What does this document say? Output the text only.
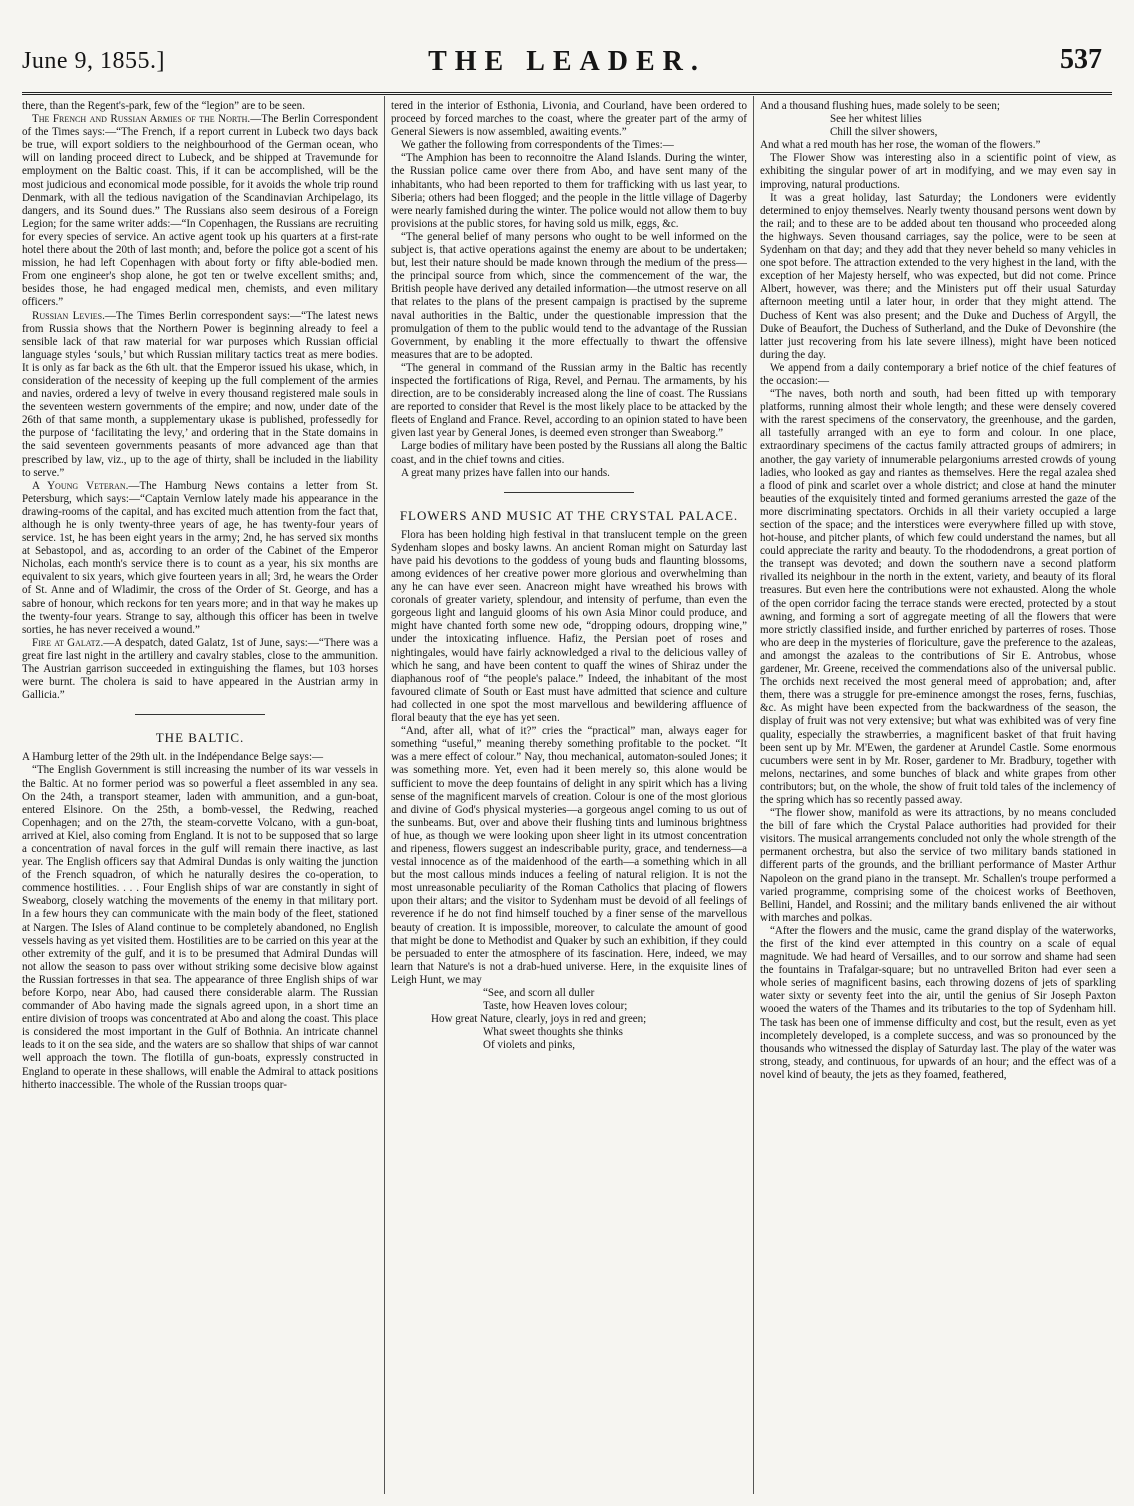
June 9, 1855.]	THE LEADER.	537

there, than the Regent's-park, few of the “legion” are to be seen.

The French and Russian Armies of the North.—The Berlin Correspondent of the Times says:—“The French, if a report current in Lubeck two days back be true, will export soldiers to the neighbourhood of the German ocean, who will on landing proceed direct to Lubeck, and be shipped at Travemunde for employment on the Baltic coast. This, if it can be accomplished, will be the most judicious and economical mode possible, for it avoids the whole trip round Denmark, with all the tedious navigation of the Scandinavian Archipelago, its dangers, and its Sound dues.” The Russians also seem desirous of a Foreign Legion; for the same writer adds:—“In Copenhagen, the Russians are recruiting for every species of service. An active agent took up his quarters at a first-rate hotel there about the 20th of last month; and, before the police got a scent of his mission, he had left Copenhagen with about forty or fifty able-bodied men. From one engineer's shop alone, he got ten or twelve excellent smiths; and, besides those, he had engaged medical men, chemists, and even military officers.”

Russian Levies.—The Times Berlin correspondent says:—“The latest news from Russia shows that the Northern Power is beginning already to feel a sensible lack of that raw material for war purposes which Russian official language styles ‘souls,’ but which Russian military tactics treat as mere bodies. It is only as far back as the 6th ult. that the Emperor issued his ukase, which, in consideration of the necessity of keeping up the full complement of the armies and navies, ordered a levy of twelve in every thousand registered male souls in the seventeen western governments of the empire; and now, under date of the 26th of that same month, a supplementary ukase is published, professedly for the purpose of ‘facilitating the levy,’ and ordering that in the State domains in the said seventeen governments peasants of more advanced age than that prescribed by law, viz., up to the age of thirty, shall be included in the liability to serve.”

A Young Veteran.—The Hamburg News contains a letter from St. Petersburg, which says:—“Captain Vernlow lately made his appearance in the drawing-rooms of the capital, and has excited much attention from the fact that, although he is only twenty-three years of age, he has twenty-four years of service. 1st, he has been eight years in the army; 2nd, he has served six months at Sebastopol, and as, according to an order of the Cabinet of the Emperor Nicholas, each month's service there is to count as a year, his six months are equivalent to six years, which give fourteen years in all; 3rd, he wears the Order of St. Anne and of Wladimir, the cross of the Order of St. George, and has a sabre of honour, which reckons for ten years more; and in that way he makes up the twenty-four years. Strange to say, although this officer has been in twelve sorties, he has never received a wound.”

Fire at Galatz.—A despatch, dated Galatz, 1st of June, says:—“There was a great fire last night in the artillery and cavalry stables, close to the ammunition. The Austrian garrison succeeded in extinguishing the flames, but 103 horses were burnt. The cholera is said to have appeared in the Austrian army in Gallicia.”

THE BALTIC.

A Hamburg letter of the 29th ult. in the Indépendance Belge says:—

“The English Government is still increasing the number of its war vessels in the Baltic. At no former period was so powerful a fleet assembled in any sea. On the 24th, a transport steamer, laden with ammunition, and a gun-boat, entered Elsinore. On the 25th, a bomb-vessel, the Redwing, reached Copenhagen; and on the 27th, the steam-corvette Volcano, with a gun-boat, arrived at Kiel, also coming from England. It is not to be supposed that so large a concentration of naval forces in the gulf will remain there inactive, as last year. The English officers say that Admiral Dundas is only waiting the junction of the French squadron, of which he naturally desires the co-operation, to commence hostilities. . . . Four English ships of war are constantly in sight of Sweaborg, closely watching the movements of the enemy in that military port. In a few hours they can communicate with the main body of the fleet, stationed at Nargen. The Isles of Aland continue to be completely abandoned, no English vessels having as yet visited them. Hostilities are to be carried on this year at the other extremity of the gulf, and it is to be presumed that Admiral Dundas will not allow the season to pass over without striking some decisive blow against the Russian fortresses in that sea. The appearance of three English ships of war before Korpo, near Abo, had caused there considerable alarm. The Russian commander of Abo having made the signals agreed upon, in a short time an entire division of troops was concentrated at Abo and along the coast. This place is considered the most important in the Gulf of Bothnia. An intricate channel leads to it on the sea side, and the waters are so shallow that ships of war cannot well approach the town. The flotilla of gun-boats, expressly constructed in England to operate in these shallows, will enable the Admiral to attack positions hitherto inaccessible. The whole of the Russian troops quar-

tered in the interior of Esthonia, Livonia, and Courland, have been ordered to proceed by forced marches to the coast, where the greater part of the army of General Siewers is now assembled, awaiting events.”

We gather the following from correspondents of the Times:—

“The Amphion has been to reconnoitre the Aland Islands. During the winter, the Russian police came over there from Abo, and have sent many of the inhabitants, who had been reported to them for trafficking with us last year, to Siberia; others had been flogged; and the people in the little village of Dagerby were nearly famished during the winter. The police would not allow them to buy provisions at the public stores, for having sold us milk, eggs, &c.

“The general belief of many persons who ought to be well informed on the subject is, that active operations against the enemy are about to be undertaken; but, lest their nature should be made known through the medium of the press—the principal source from which, since the commencement of the war, the British people have derived any detailed information—the utmost reserve on all that relates to the plans of the present campaign is practised by the supreme naval authorities in the Baltic, under the questionable impression that the promulgation of them to the public would tend to the advantage of the Russian Government, by enabling it the more effectually to thwart the offensive measures that are to be adopted.

“The general in command of the Russian army in the Baltic has recently inspected the fortifications of Riga, Revel, and Pernau. The armaments, by his direction, are to be considerably increased along the line of coast. The Russians are reported to consider that Revel is the most likely place to be attacked by the fleets of England and France. Revel, according to an opinion stated to have been given last year by General Jones, is deemed even stronger than Sweaborg.”

Large bodies of military have been posted by the Russians all along the Baltic coast, and in the chief towns and cities.

A great many prizes have fallen into our hands.

FLOWERS AND MUSIC AT THE CRYSTAL PALACE.

Flora has been holding high festival in that translucent temple on the green Sydenham slopes and bosky lawns. An ancient Roman might on Saturday last have paid his devotions to the goddess of young buds and flaunting blossoms, among evidences of her creative power more glorious and overwhelming than any he can have ever seen. Anacreon might have wreathed his brows with coronals of greater variety, splendour, and intensity of perfume, than even the gorgeous light and languid glooms of his own Asia Minor could produce, and might have chanted forth some new ode, “dropping odours, dropping wine,” under the intoxicating influence. Hafiz, the Persian poet of roses and nightingales, would have fairly acknowledged a rival to the delicious valley of which he sang, and have been content to quaff the wines of Shiraz under the diaphanous roof of “the people's palace.” Indeed, the inhabitant of the most favoured climate of South or East must have admitted that science and culture had collected in one spot the most marvellous and bewildering affluence of floral beauty that the eye has yet seen.

“And, after all, what of it?” cries the “practical” man, always eager for something “useful,” meaning thereby something profitable to the pocket. “It was a mere effect of colour.” Nay, thou mechanical, automaton-souled Jones; it was something more. Yet, even had it been merely so, this alone would be sufficient to move the deep fountains of delight in any spirit which has a living sense of the magnificent marvels of creation. Colour is one of the most glorious and divine of God's physical mysteries—a gorgeous angel coming to us out of the sunbeams. But, over and above their flushing tints and luminous brightness of hue, as though we were looking upon sheer light in its utmost concentration and ripeness, flowers suggest an indescribable purity, grace, and tenderness—a vestal innocence as of the maidenhood of the earth—a something which in all but the most callous minds induces a feeling of natural religion. It is not the most unreasonable peculiarity of the Roman Catholics that placing of flowers upon their altars; and the visitor to Sydenham must be devoid of all feelings of reverence if he do not find himself touched by a finer sense of the marvellous beauty of creation. It is impossible, moreover, to calculate the amount of good that might be done to Methodist and Quaker by such an exhibition, if they could be persuaded to enter the atmosphere of its fascination. Here, indeed, we may learn that Nature's is not a drab-hued universe. Here, in the exquisite lines of Leigh Hunt, we may

“See, and scorn all duller
Taste, how Heaven loves colour;
How great Nature, clearly, joys in red and green;
What sweet thoughts she thinks
Of violets and pinks,

And a thousand flushing hues, made solely to be seen;
See her whitest lilies
Chill the silver showers,
And what a red mouth has her rose, the woman of the flowers.”

The Flower Show was interesting also in a scientific point of view, as exhibiting the singular power of art in modifying, and we may even say in improving, natural productions.

It was a great holiday, last Saturday; the Londoners were evidently determined to enjoy themselves. Nearly twenty thousand persons went down by the rail; and to these are to be added about ten thousand who proceeded along the highways. Seven thousand carriages, say the police, were to be seen at Sydenham on that day; and they add that they never beheld so many vehicles in one spot before. The attraction extended to the very highest in the land, with the exception of her Majesty herself, who was expected, but did not come. Prince Albert, however, was there; and the Ministers put off their usual Saturday afternoon meeting until a later hour, in order that they might attend. The Duchess of Kent was also present; and the Duke and Duchess of Argyll, the Duke of Beaufort, the Duchess of Sutherland, and the Duke of Devonshire (the latter just recovering from his late severe illness), might have been noticed during the day.

We append from a daily contemporary a brief notice of the chief features of the occasion:—

“The naves, both north and south, had been fitted up with temporary platforms, running almost their whole length; and these were densely covered with the rarest specimens of the conservatory, the greenhouse, and the garden, all tastefully arranged with an eye to form and colour. In one place, extraordinary specimens of the cactus family attracted groups of admirers; in another, the gay variety of innumerable pelargoniums arrested crowds of young ladies, who looked as gay and riantes as themselves. Here the regal azalea shed a flood of pink and scarlet over a whole district; and close at hand the minuter beauties of the exquisitely tinted and formed geraniums arrested the gaze of the more discriminating spectators. Orchids in all their variety occupied a large section of the space; and the interstices were everywhere filled up with stove, hot-house, and pitcher plants, of which few could understand the names, but all could appreciate the rarity and beauty. To the rhododendrons, a great portion of the transept was devoted; and down the southern nave a second platform rivalled its neighbour in the north in the extent, variety, and beauty of its floral treasures. But even here the contributions were not exhausted. Along the whole of the open corridor facing the terrace stands were erected, protected by a stout awning, and forming a sort of aggregate meeting of all the flowers that were more strictly classified inside, and further enriched by parterres of roses. Those who are deep in the mysteries of floriculture, gave the preference to the azaleas, and amongst the azaleas to the contributions of Sir E. Antrobus, whose gardener, Mr. Greene, received the commendations also of the universal public. The orchids next received the most general meed of approbation; and, after them, there was a struggle for pre-eminence amongst the roses, ferns, fuschias, &c. As might have been expected from the backwardness of the season, the display of fruit was not very extensive; but what was exhibited was of very fine quality, especially the strawberries, a magnificent basket of that fruit having been sent up by Mr. M'Ewen, the gardener at Arundel Castle. Some enormous cucumbers were sent in by Mr. Roser, gardener to Mr. Bradbury, together with melons, nectarines, and some bunches of black and white grapes from other contributors; but, on the whole, the show of fruit told tales of the inclemency of the spring which has so recently passed away.

“The flower show, manifold as were its attractions, by no means concluded the bill of fare which the Crystal Palace authorities had provided for their visitors. The musical arrangements concluded not only the whole strength of the permanent orchestra, but also the service of two military bands stationed in different parts of the grounds, and the brilliant performance of Master Arthur Napoleon on the grand piano in the transept. Mr. Schallen's troupe performed a varied programme, comprising some of the choicest works of Beethoven, Bellini, Handel, and Rossini; and the military bands enlivened the air without with marches and polkas.

“After the flowers and the music, came the grand display of the waterworks, the first of the kind ever attempted in this country on a scale of equal magnitude. We had heard of Versailles, and to our sorrow and shame had seen the fountains in Trafalgar-square; but no untravelled Briton had ever seen a whole series of magnificent basins, each throwing dozens of jets of sparkling water sixty or seventy feet into the air, until the genius of Sir Joseph Paxton wooed the waters of the Thames and its tributaries to the top of Sydenham hill. The task has been one of immense difficulty and cost, but the result, even as yet incompletely developed, is a complete success, and was so pronounced by the thousands who witnessed the display of Saturday last. The play of the water was strong, steady, and continuous, for upwards of an hour; and the effect was of a novel kind of beauty, the jets as they foamed, feathered,
